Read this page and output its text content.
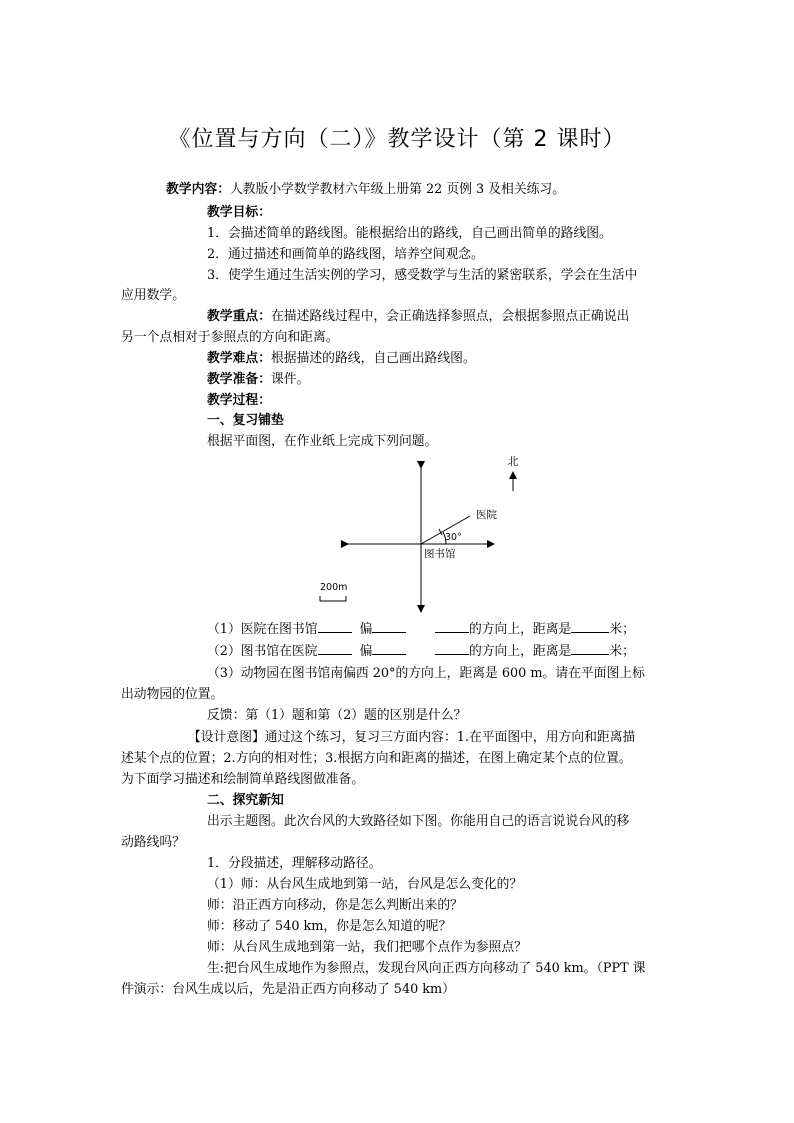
《位置与方向（二）》教学设计（第 2 课时）
教学内容：人教版小学数学教材六年级上册第 22 页例 3 及相关练习。
教学目标：
1．会描述简单的路线图。能根据给出的路线，自己画出简单的路线图。
2．通过描述和画简单的路线图，培养空间观念。
3．使学生通过生活实例的学习，感受数学与生活的紧密联系，学会在生活中
应用数学。
教学重点：在描述路线过程中，会正确选择参照点，会根据参照点正确说出
另一个点相对于参照点的方向和距离。
教学难点：根据描述的路线，自己画出路线图。
教学准备：课件。
教学过程：
一、复习铺垫
根据平面图，在作业纸上完成下列问题。
北
医院
30°
图书馆
200m
（1）医院在图书馆	偏	的方向上，距离是	米；
（2）图书馆在医院	偏	的方向上，距离是	米；
（3）动物园在图书馆南偏西 20°的方向上，距离是 600 m。请在平面图上标
出动物园的位置。
反馈：第（1）题和第（2）题的区别是什么？
【设计意图】通过这个练习，复习三方面内容：1.在平面图中，用方向和距离描
述某个点的位置；2.方向的相对性；3.根据方向和距离的描述，在图上确定某个点的位置。
为下面学习描述和绘制简单路线图做准备。
二、探究新知
出示主题图。此次台风的大致路径如下图。你能用自己的语言说说台风的移
动路线吗？
1．分段描述，理解移动路径。
（1）师：从台风生成地到第一站，台风是怎么变化的？
师：沿正西方向移动，你是怎么判断出来的？
师：移动了 540 km，你是怎么知道的呢？
师：从台风生成地到第一站，我们把哪个点作为参照点？
生:把台风生成地作为参照点，发现台风向正西方向移动了 540 km。（PPT 课
件演示：台风生成以后，先是沿正西方向移动了 540 km）
